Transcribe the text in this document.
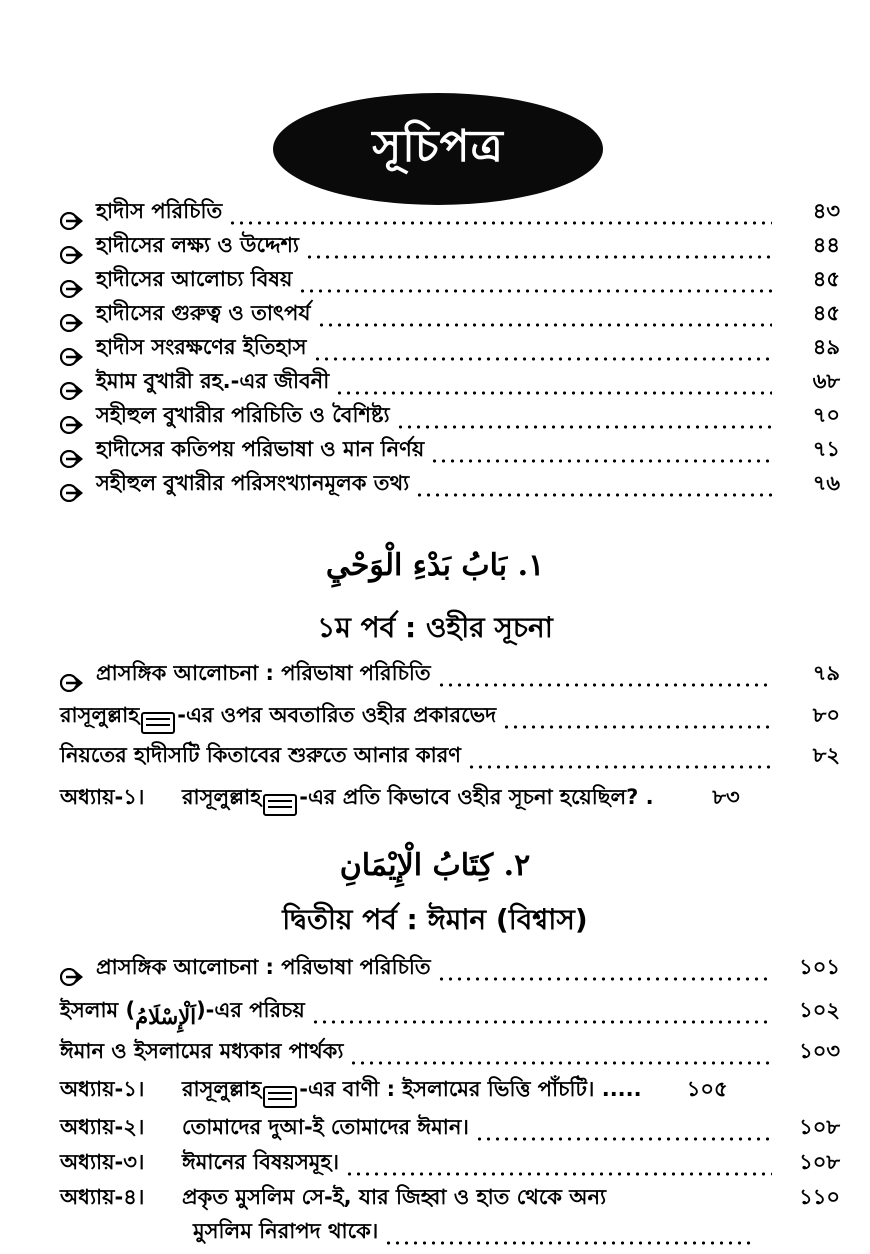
সূচিপত্র
হাদীস পরিচিতি	৪৩
হাদীসের লক্ষ্য ও উদ্দেশ্য	৪৪
হাদীসের আলোচ্য বিষয়	৪৫
হাদীসের গুরুত্ব ও তাৎপর্য	৪৫
হাদীস সংরক্ষণের ইতিহাস	৪৯
ইমাম বুখারী রহ.-এর জীবনী	৬৮
সহীহুল বুখারীর পরিচিতি ও বৈশিষ্ট্য	৭০
হাদীসের কতিপয় পরিভাষা ও মান নির্ণয়	৭১
সহীহুল বুখারীর পরিসংখ্যানমূলক তথ্য	৭৬
١. بَابُ بَدْءِ الْوَحْيِ
১ম পর্ব : ওহীর সূচনা
প্রাসঙ্গিক আলোচনা : পরিভাষা পরিচিতি	৭৯
রাসূলুল্লাহ -এর ওপর অবতারিত ওহীর প্রকারভেদ	৮০
নিয়তের হাদীসটি কিতাবের শুরুতে আনার কারণ	৮২
অধ্যায়-১।	রাসূলুল্লাহ -এর প্রতি কিভাবে ওহীর সূচনা হয়েছিল? .	৮৩
٢. كِتَابُ الْإِيْمَانِ
দ্বিতীয় পর্ব : ঈমান (বিশ্বাস)
প্রাসঙ্গিক আলোচনা : পরিভাষা পরিচিতি	১০১
ইসলাম ( اَلْإِسْلَامُ )-এর পরিচয়	১০২
ঈমান ও ইসলামের মধ্যকার পার্থক্য	১০৩
অধ্যায়-১।	রাসূলুল্লাহ -এর বাণী : ইসলামের ভিত্তি পাঁচটি। .....	১০৫
অধ্যায়-২।	তোমাদের দুআ-ই তোমাদের ঈমান।	১০৮
অধ্যায়-৩।	ঈমানের বিষয়সমূহ।	১০৮
অধ্যায়-৪।	প্রকৃত মুসলিম সে-ই, যার জিহ্বা ও হাত থেকে অন্য	১১০
মুসলিম নিরাপদ থাকে।
